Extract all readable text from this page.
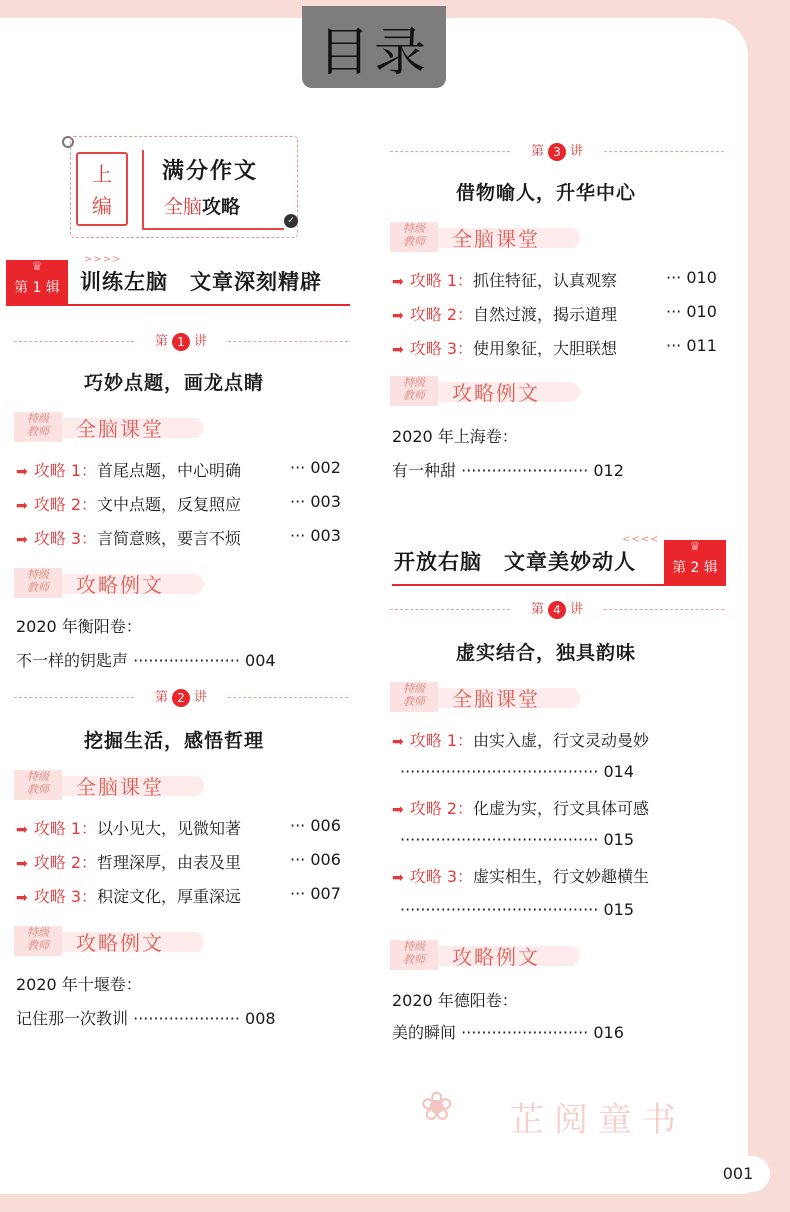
目录
上
编
满分作文
全脑攻略
✓
>>>>
♛ 第 1 辑 训练左脑　文章深刻精辟
第 1 讲
巧妙点题，画龙点睛
特级
教师	全脑课堂
➡ 攻略 1：首尾点题，中心明确	··· 002
➡ 攻略 2：文中点题，反复照应	··· 003
➡ 攻略 3：言简意赅，要言不烦	··· 003
特级
教师	攻略例文
2020 年衡阳卷：
不一样的钥匙声 ····················· 004
第 2 讲
挖掘生活，感悟哲理
特级
教师	全脑课堂
➡ 攻略 1：以小见大，见微知著	··· 006
➡ 攻略 2：哲理深厚，由表及里	··· 006
➡ 攻略 3：积淀文化，厚重深远	··· 007
特级
教师	攻略例文
2020 年十堰卷：
记住那一次教训 ····················· 008
第 3 讲
借物喻人，升华中心
特级
教师	全脑课堂
➡ 攻略 1：抓住特征，认真观察	··· 010
➡ 攻略 2：自然过渡，揭示道理	··· 010
➡ 攻略 3：使用象征，大胆联想	··· 011
特级
教师	攻略例文
2020 年上海卷：
有一种甜 ························· 012
<<<<
开放右脑　文章美妙动人	♛ 第 2 辑
第 4 讲
虚实结合，独具韵味
特级
教师	全脑课堂
➡ 攻略 1：由实入虚，行文灵动曼妙
······································· 014
➡ 攻略 2：化虚为实，行文具体可感
······································· 015
➡ 攻略 3：虚实相生，行文妙趣横生
······································· 015
特级
教师	攻略例文
2020 年德阳卷：
美的瞬间 ························· 016
❀ 芷阅童书
001
